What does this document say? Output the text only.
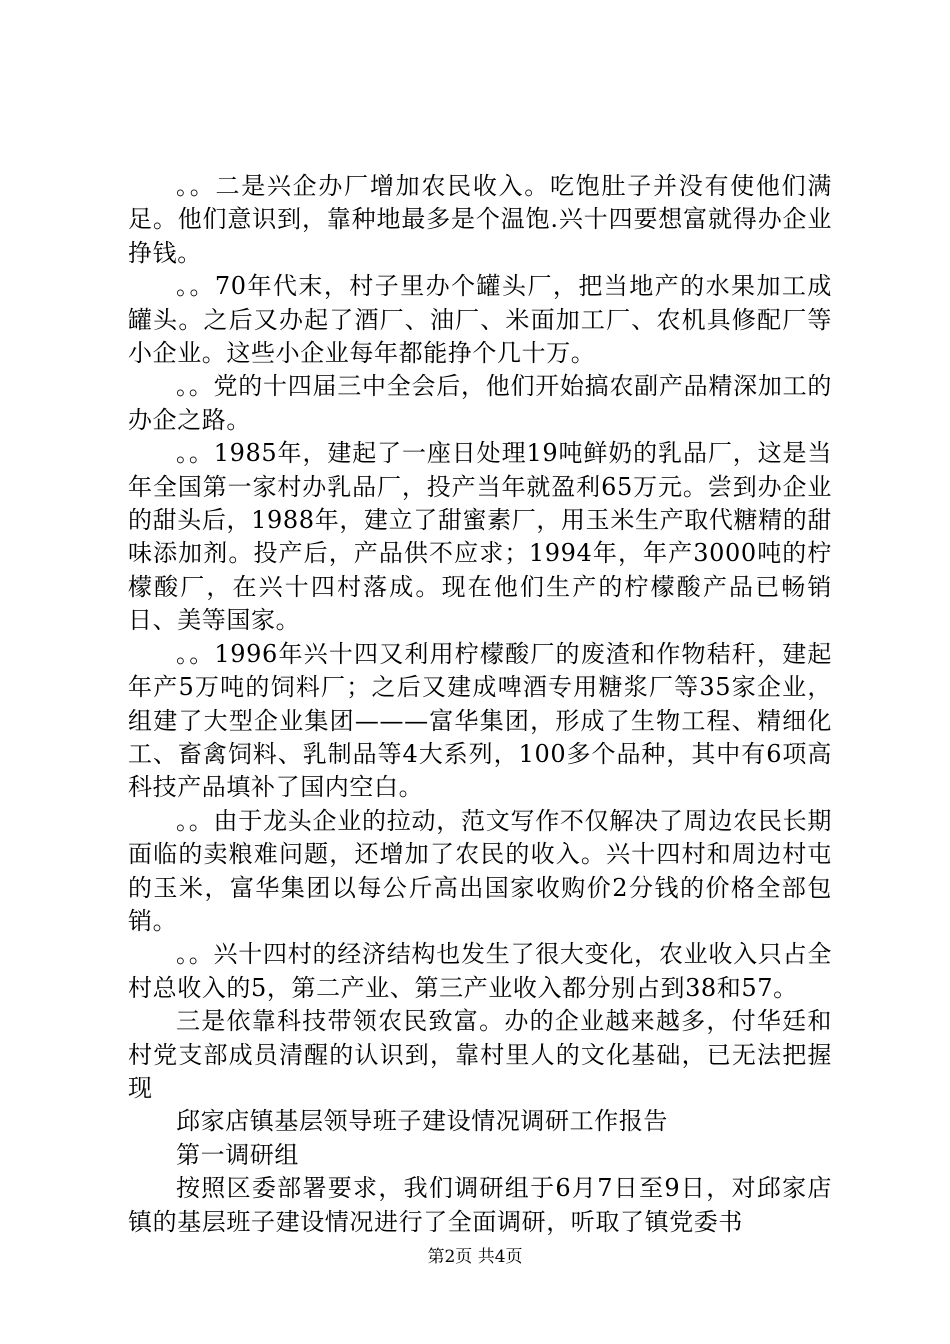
。。二是兴企办厂增加农民收入。吃饱肚子并没有使他们满足。他们意识到，靠种地最多是个温饱.兴十四要想富就得办企业挣钱。

。。70年代末，村子里办个罐头厂，把当地产的水果加工成罐头。之后又办起了酒厂、油厂、米面加工厂、农机具修配厂等小企业。这些小企业每年都能挣个几十万。

。。党的十四届三中全会后，他们开始搞农副产品精深加工的办企之路。

。。1985年，建起了一座日处理19吨鲜奶的乳品厂，这是当年全国第一家村办乳品厂，投产当年就盈利65万元。尝到办企业的甜头后，1988年，建立了甜蜜素厂，用玉米生产取代糖精的甜味添加剂。投产后，产品供不应求；1994年，年产3000吨的柠檬酸厂，在兴十四村落成。现在他们生产的柠檬酸产品已畅销日、美等国家。

。。1996年兴十四又利用柠檬酸厂的废渣和作物秸秆，建起年产5万吨的饲料厂；之后又建成啤酒专用糖浆厂等35家企业，组建了大型企业集团———富华集团，形成了生物工程、精细化工、畜禽饲料、乳制品等4大系列，100多个品种，其中有6项高科技产品填补了国内空白。

。。由于龙头企业的拉动，范文写作不仅解决了周边农民长期面临的卖粮难问题，还增加了农民的收入。兴十四村和周边村屯的玉米，富华集团以每公斤高出国家收购价2分钱的价格全部包销。

。。兴十四村的经济结构也发生了很大变化，农业收入只占全村总收入的5，第二产业、第三产业收入都分别占到38和57。

三是依靠科技带领农民致富。办的企业越来越多，付华廷和村党支部成员清醒的认识到，靠村里人的文化基础，已无法把握现

邱家店镇基层领导班子建设情况调研工作报告

第一调研组

按照区委部署要求，我们调研组于6月7日至9日，对邱家店镇的基层班子建设情况进行了全面调研，听取了镇党委书

第2页 共4页
